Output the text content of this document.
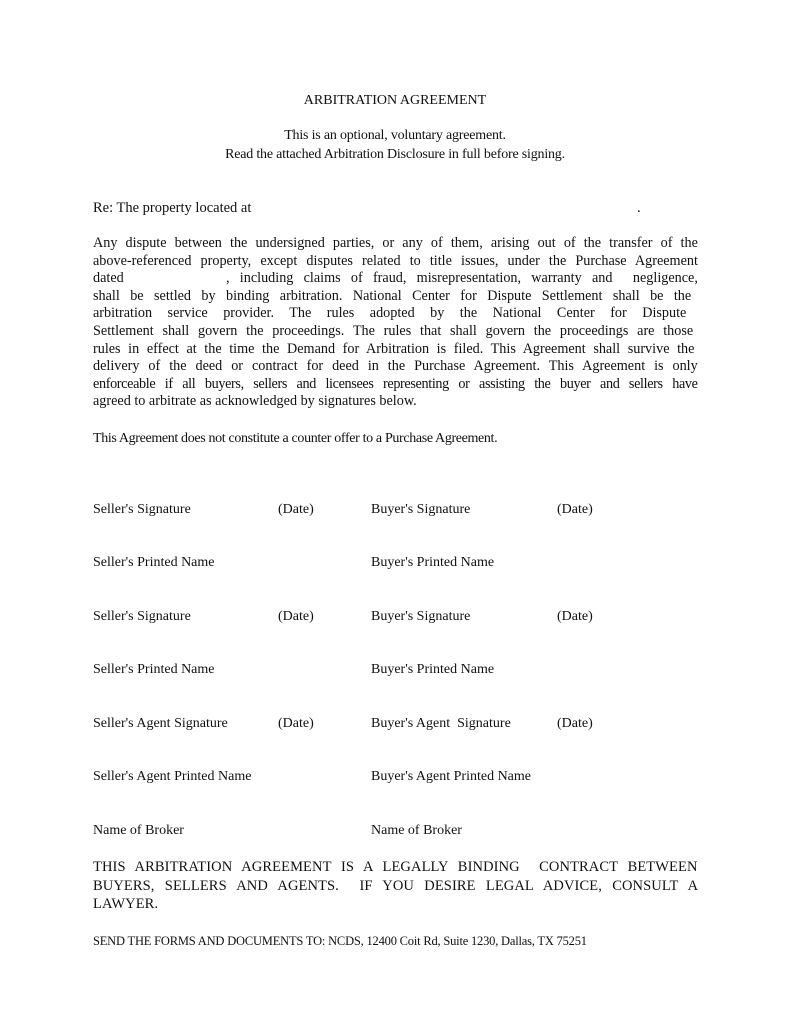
ARBITRATION AGREEMENT
This is an optional, voluntary agreement.
Read the attached Arbitration Disclosure in full before signing.
Re: The property located at	.
Any dispute between the undersigned parties, or any of them, arising out of the transfer of the
above-referenced property, except disputes related to title issues, under the Purchase Agreement
dated          , including claims of fraud, misrepresentation, warranty and  negligence,
shall be settled by binding arbitration. National Center for Dispute Settlement shall be the
arbitration service provider. The rules adopted by the National Center for Dispute
Settlement shall govern the proceedings. The rules that shall govern the proceedings are those
rules in effect at the time the Demand for Arbitration is filed. This Agreement shall survive the
delivery of the deed or contract for deed in the Purchase Agreement. This Agreement is only
enforceable if all buyers, sellers and licensees representing or assisting the buyer and sellers have
agreed to arbitrate as acknowledged by signatures below.
This Agreement does not constitute a counter offer to a Purchase Agreement.
Seller's Signature	(Date)	Buyer's Signature	(Date)
Seller's Printed Name	Buyer's Printed Name
Seller's Signature	(Date)	Buyer's Signature	(Date)
Seller's Printed Name	Buyer's Printed Name
Seller's Agent Signature	(Date)	Buyer's Agent  Signature	(Date)
Seller's Agent Printed Name	Buyer's Agent Printed Name
Name of Broker	Name of Broker
THIS ARBITRATION AGREEMENT IS A LEGALLY BINDING  CONTRACT BETWEEN
BUYERS, SELLERS AND AGENTS.  IF YOU DESIRE LEGAL ADVICE, CONSULT A
LAWYER.
SEND THE FORMS AND DOCUMENTS TO: NCDS, 12400 Coit Rd, Suite 1230, Dallas, TX 75251
